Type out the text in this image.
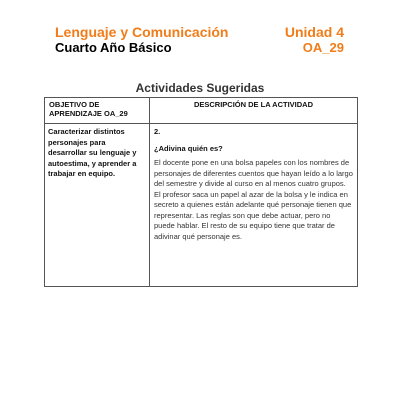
Lenguaje y Comunicación
Cuarto Año Básico
Unidad 4
OA_29
Actividades Sugeridas
OBJETIVO DE APRENDIZAJE OA_29	DESCRIPCIÓN DE LA ACTIVIDAD
Caracterizar distintos personajes para desarrollar su lenguaje y autoestima, y aprender a trabajar en equipo.	2.

¿Adivina quién es?

El docente pone en una bolsa papeles con los nombres de personajes de diferentes cuentos que hayan leído a lo largo del semestre y divide al curso en al menos cuatro grupos. El profesor saca un papel al azar de la bolsa y le indica en secreto a quienes están adelante qué personaje tienen que representar. Las reglas son que debe actuar, pero no puede hablar. El resto de su equipo tiene que tratar de adivinar qué personaje es.
